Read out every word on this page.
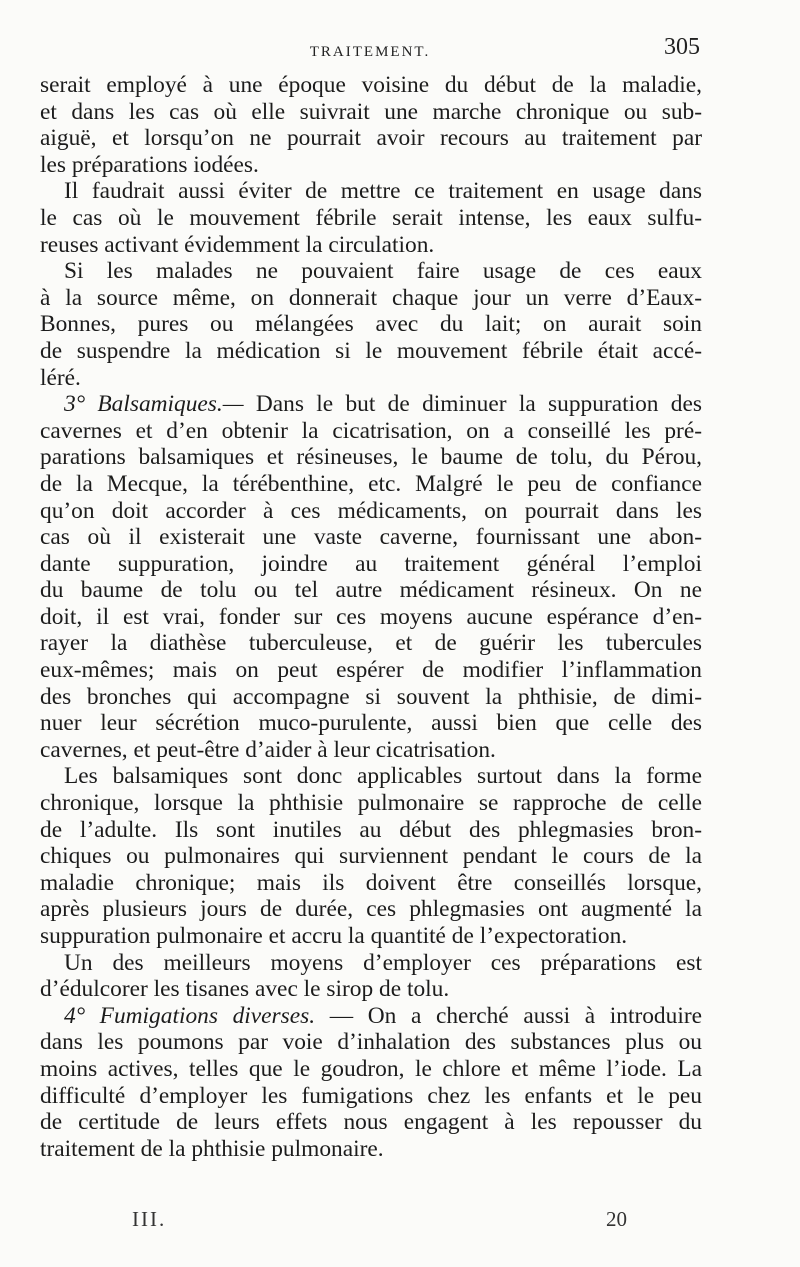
TRAITEMENT.	305
serait employé à une époque voisine du début de la maladie,
et dans les cas où elle suivrait une marche chronique ou sub-
aiguë, et lorsqu’on ne pourrait avoir recours au traitement par
les préparations iodées.
Il faudrait aussi éviter de mettre ce traitement en usage dans
le cas où le mouvement fébrile serait intense, les eaux sulfu-
reuses activant évidemment la circulation.
Si les malades ne pouvaient faire usage de ces eaux
à la source même, on donnerait chaque jour un verre d’Eaux-
Bonnes, pures ou mélangées avec du lait; on aurait soin
de suspendre la médication si le mouvement fébrile était accé-
léré.
3° Balsamiques.— Dans le but de diminuer la suppuration des
cavernes et d’en obtenir la cicatrisation, on a conseillé les pré-
parations balsamiques et résineuses, le baume de tolu, du Pérou,
de la Mecque, la térébenthine, etc. Malgré le peu de confiance
qu’on doit accorder à ces médicaments, on pourrait dans les
cas où il existerait une vaste caverne, fournissant une abon-
dante suppuration, joindre au traitement général l’emploi
du baume de tolu ou tel autre médicament résineux. On ne
doit, il est vrai, fonder sur ces moyens aucune espérance d’en-
rayer la diathèse tuberculeuse, et de guérir les tubercules
eux-mêmes; mais on peut espérer de modifier l’inflammation
des bronches qui accompagne si souvent la phthisie, de dimi-
nuer leur sécrétion muco-purulente, aussi bien que celle des
cavernes, et peut-être d’aider à leur cicatrisation.
Les balsamiques sont donc applicables surtout dans la forme
chronique, lorsque la phthisie pulmonaire se rapproche de celle
de l’adulte. Ils sont inutiles au début des phlegmasies bron-
chiques ou pulmonaires qui surviennent pendant le cours de la
maladie chronique; mais ils doivent être conseillés lorsque,
après plusieurs jours de durée, ces phlegmasies ont augmenté la
suppuration pulmonaire et accru la quantité de l’expectoration.
Un des meilleurs moyens d’employer ces préparations est
d’édulcorer les tisanes avec le sirop de tolu.
4° Fumigations diverses. — On a cherché aussi à introduire
dans les poumons par voie d’inhalation des substances plus ou
moins actives, telles que le goudron, le chlore et même l’iode. La
difficulté d’employer les fumigations chez les enfants et le peu
de certitude de leurs effets nous engagent à les repousser du
traitement de la phthisie pulmonaire.
III.	20
